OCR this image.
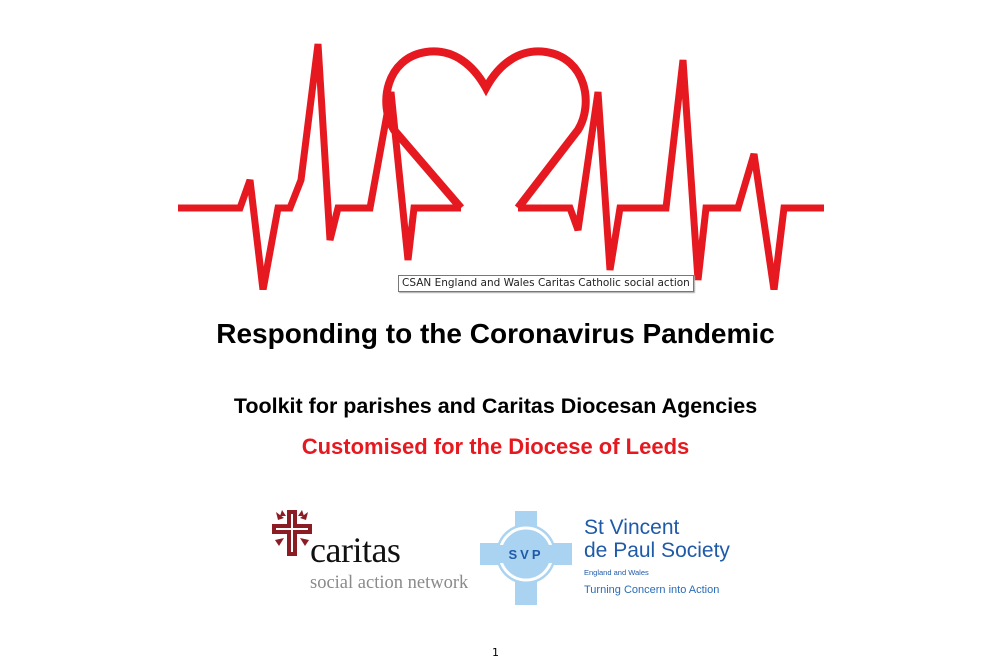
CSAN England and Wales Caritas Catholic social action
Responding to the Coronavirus Pandemic
Toolkit for parishes and Caritas Diocesan Agencies
Customised for the Diocese of Leeds
caritas
social action network
SVP
St Vincent
de Paul Society
England and Wales
Turning Concern into Action
1
